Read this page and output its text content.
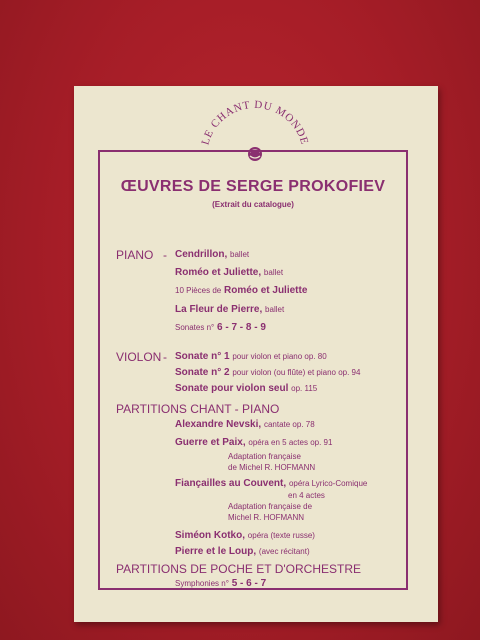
LE CHANT DU MONDE
ŒUVRES DE SERGE PROKOFIEV
(Extrait du catalogue)
PIANO - Cendrillon, ballet
Roméo et Juliette, ballet
10 Pièces de Roméo et Juliette
La Fleur de Pierre, ballet
Sonates n° 6 - 7 - 8 - 9
VIOLON - Sonate n° 1 pour violon et piano op. 80
Sonate n° 2 pour violon (ou flûte) et piano op. 94
Sonate pour violon seul op. 115
PARTITIONS CHANT - PIANO
Alexandre Nevski, cantate op. 78
Guerre et Paix, opéra en 5 actes op. 91
Adaptation française
de Michel R. HOFMANN
Fiançailles au Couvent, opéra Lyrico-Comique
en 4 actes
Adaptation française de
Michel R. HOFMANN
Siméon Kotko, opéra (texte russe)
Pierre et le Loup, (avec récitant)
PARTITIONS DE POCHE ET D'ORCHESTRE
Symphonies n° 5 - 6 - 7
